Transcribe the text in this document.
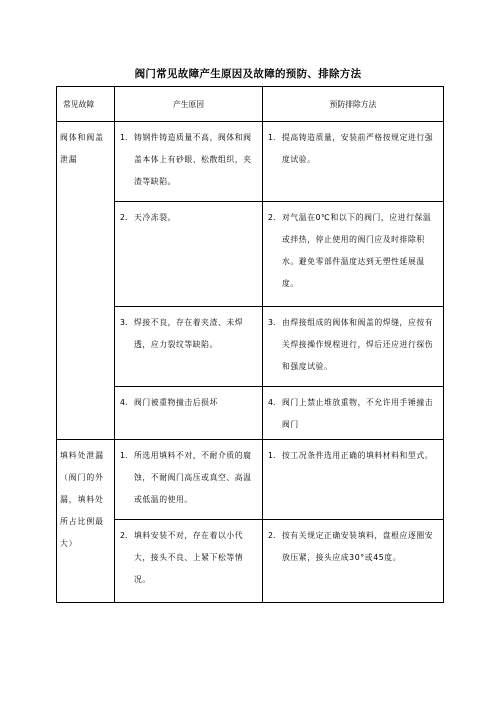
阀门常见故障产生原因及故障的预防、排除方法
常见故障	产生原因	预防排除方法

阀体和阀盖泄漏	1. 铸钢件铸造质量不高，阀体和阀盖本体上有砂眼、松散组织，夹渣等缺陷。	1. 提高铸造质量，安装前严格按规定进行强度试验。

	2. 天冷冻裂。	2. 对气温在0℃和以下的阀门，应进行保温或拌热，停止使用的阀门应及时排除积水。避免零部件温度达到无塑性延展温度。

	3. 焊接不良，存在着夹渣、未焊透，应力裂纹等缺陷。	3. 由焊接组成的阀体和阀盖的焊缝，应按有关焊接操作规程进行，焊后还应进行探伤和强度试验。

	4. 阀门被重物撞击后损坏	4. 阀门上禁止堆放重物，不允许用手锤撞击阀门

填料处泄漏（阀门的外漏，填料处所占比例最大）	1. 所选用填料不对，不耐介质的腐蚀，不耐阀门高压或真空、高温或低温的使用。	1. 按工况条件选用正确的填料材料和型式。

	2. 填料安装不对，存在着以小代大，接头不良、上紧下松等情况。	2. 按有关规定正确安装填料，盘根应逐圈安放压紧，接头应成30°或45度。
